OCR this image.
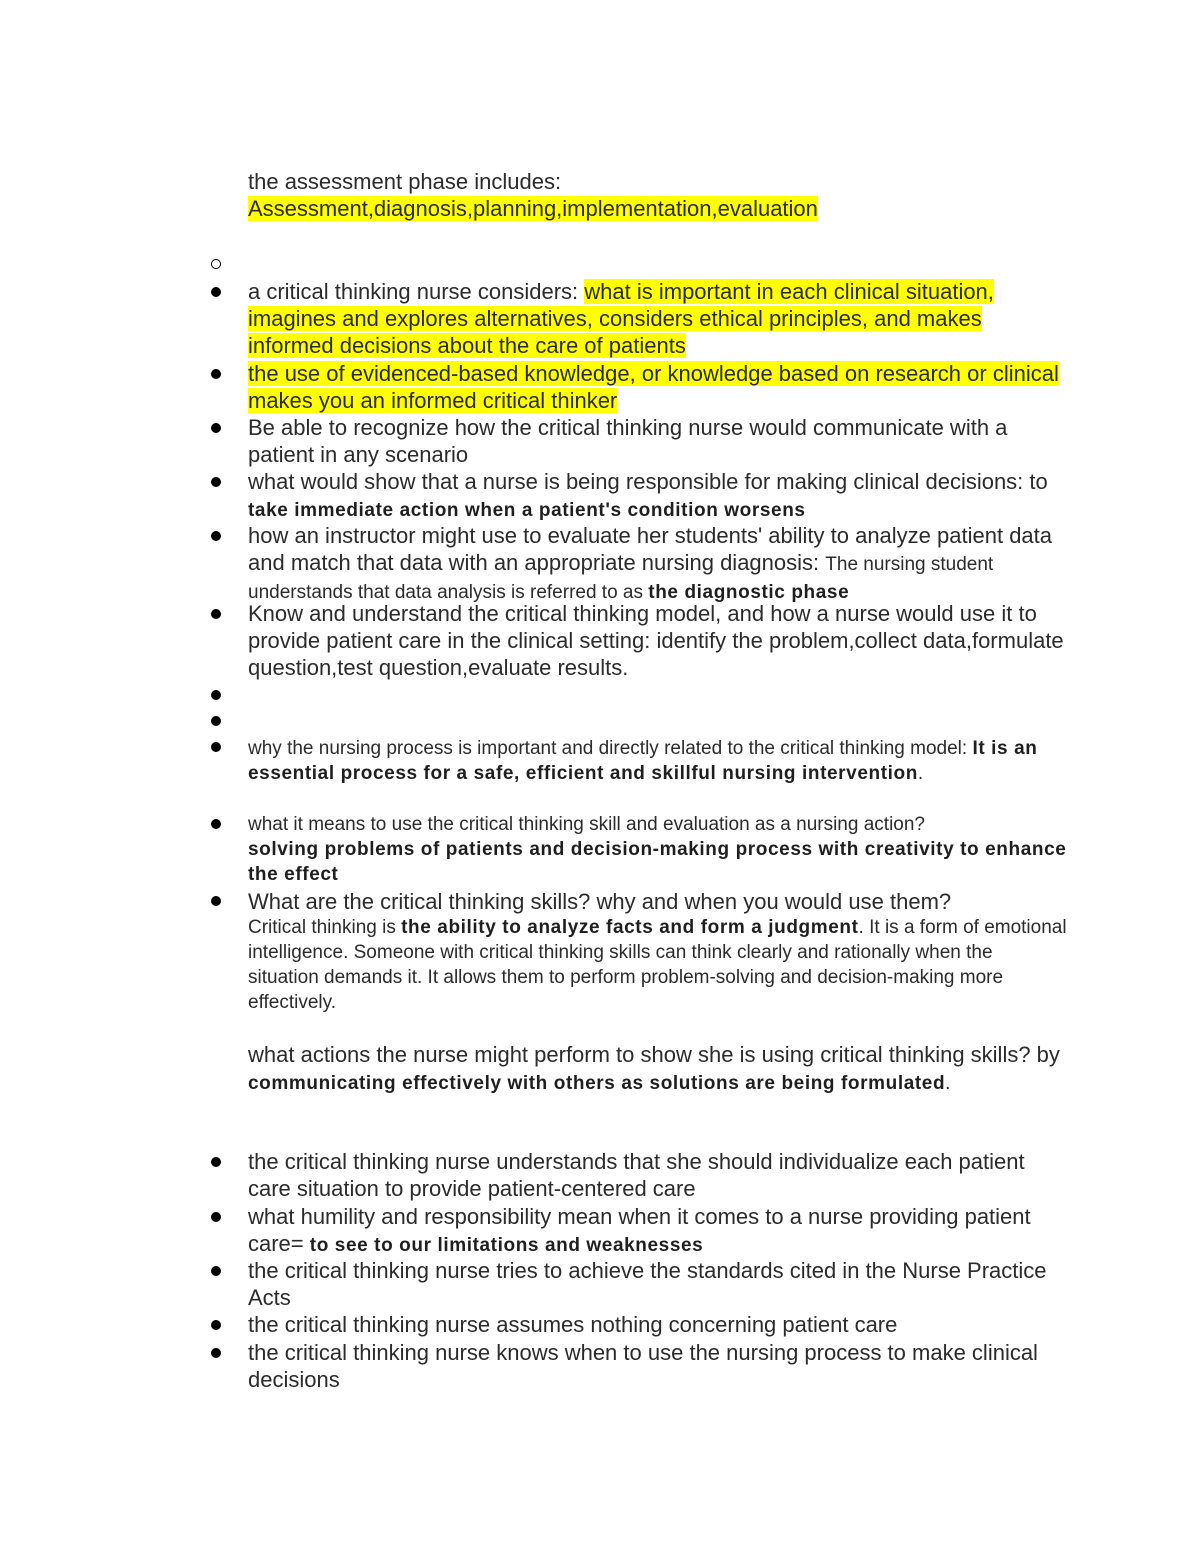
the assessment phase includes:
Assessment,diagnosis,planning,implementation,evaluation
a critical thinking nurse considers: what is important in each clinical situation, imagines and explores alternatives, considers ethical principles, and makes informed decisions about the care of patients
the use of evidenced-based knowledge, or knowledge based on research or clinical makes you an informed critical thinker
Be able to recognize how the critical thinking nurse would communicate with a patient in any scenario
what would show that a nurse is being responsible for making clinical decisions: to take immediate action when a patient's condition worsens
how an instructor might use to evaluate her students' ability to analyze patient data and match that data with an appropriate nursing diagnosis: The nursing student understands that data analysis is referred to as the diagnostic phase
Know and understand the critical thinking model, and how a nurse would use it to provide patient care in the clinical setting: identify the problem,collect data,formulate question,test question,evaluate results.
why the nursing process is important and directly related to the critical thinking model: It is an essential process for a safe, efficient and skillful nursing intervention.
what it means to use the critical thinking skill and evaluation as a nursing action?
solving problems of patients and decision-making process with creativity to enhance the effect
What are the critical thinking skills? why and when you would use them?
Critical thinking is the ability to analyze facts and form a judgment. It is a form of emotional intelligence. Someone with critical thinking skills can think clearly and rationally when the situation demands it. It allows them to perform problem-solving and decision-making more effectively.
what actions the nurse might perform to show she is using critical thinking skills? by communicating effectively with others as solutions are being formulated.
the critical thinking nurse understands that she should individualize each patient care situation to provide patient-centered care
what humility and responsibility mean when it comes to a nurse providing patient care= to see to our limitations and weaknesses
the critical thinking nurse tries to achieve the standards cited in the Nurse Practice Acts
the critical thinking nurse assumes nothing concerning patient care
the critical thinking nurse knows when to use the nursing process to make clinical decisions
